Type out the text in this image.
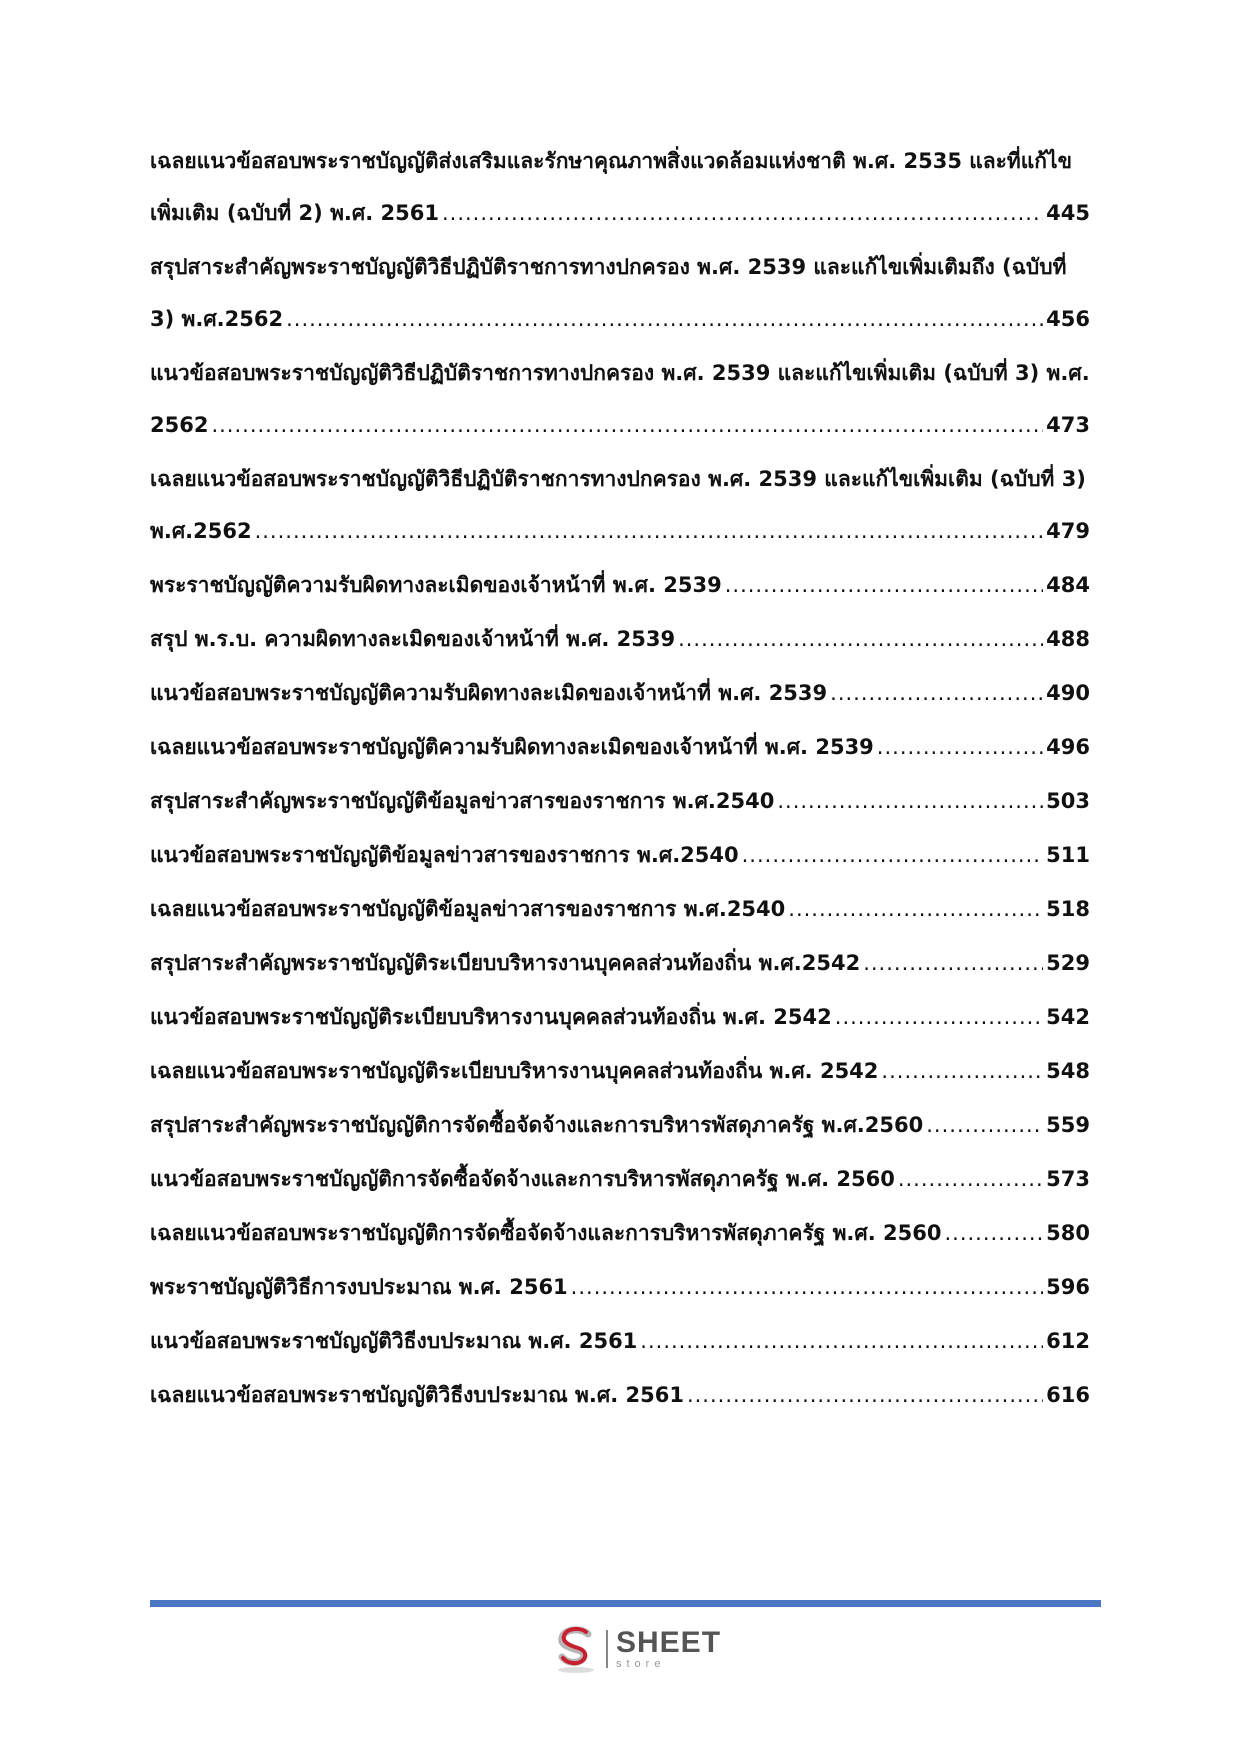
เฉลยแนวข้อสอบพระราชบัญญัติส่งเสริมและรักษาคุณภาพสิ่งแวดล้อมแห่งชาติ พ.ศ. 2535 และที่แก้ไข
เพิ่มเติม (ฉบับที่ 2) พ.ศ. 2561 .....	445
สรุปสาระสำคัญพระราชบัญญัติวิธีปฏิบัติราชการทางปกครอง พ.ศ. 2539 และแก้ไขเพิ่มเติมถึง (ฉบับที่
3) พ.ศ.2562 .....	456
แนวข้อสอบพระราชบัญญัติวิธีปฏิบัติราชการทางปกครอง พ.ศ. 2539 และแก้ไขเพิ่มเติม (ฉบับที่ 3) พ.ศ.
2562 .....	473
เฉลยแนวข้อสอบพระราชบัญญัติวิธีปฏิบัติราชการทางปกครอง พ.ศ. 2539 และแก้ไขเพิ่มเติม (ฉบับที่ 3)
พ.ศ.2562 .....	479
พระราชบัญญัติความรับผิดทางละเมิดของเจ้าหน้าที่ พ.ศ. 2539 .....	484
สรุป พ.ร.บ. ความผิดทางละเมิดของเจ้าหน้าที่ พ.ศ. 2539 .....	488
แนวข้อสอบพระราชบัญญัติความรับผิดทางละเมิดของเจ้าหน้าที่ พ.ศ. 2539 .....	490
เฉลยแนวข้อสอบพระราชบัญญัติความรับผิดทางละเมิดของเจ้าหน้าที่ พ.ศ. 2539 .....	496
สรุปสาระสำคัญพระราชบัญญัติข้อมูลข่าวสารของราชการ พ.ศ.2540 .....	503
แนวข้อสอบพระราชบัญญัติข้อมูลข่าวสารของราชการ พ.ศ.2540 .....	511
เฉลยแนวข้อสอบพระราชบัญญัติข้อมูลข่าวสารของราชการ พ.ศ.2540 .....	518
สรุปสาระสำคัญพระราชบัญญัติระเบียบบริหารงานบุคคลส่วนท้องถิ่น พ.ศ.2542 .....	529
แนวข้อสอบพระราชบัญญัติระเบียบบริหารงานบุคคลส่วนท้องถิ่น พ.ศ. 2542 .....	542
เฉลยแนวข้อสอบพระราชบัญญัติระเบียบบริหารงานบุคคลส่วนท้องถิ่น พ.ศ. 2542 .....	548
สรุปสาระสำคัญพระราชบัญญัติการจัดซื้อจัดจ้างและการบริหารพัสดุภาครัฐ พ.ศ.2560 .....	559
แนวข้อสอบพระราชบัญญัติการจัดซื้อจัดจ้างและการบริหารพัสดุภาครัฐ พ.ศ. 2560 .....	573
เฉลยแนวข้อสอบพระราชบัญญัติการจัดซื้อจัดจ้างและการบริหารพัสดุภาครัฐ พ.ศ. 2560 .....	580
พระราชบัญญัติวิธีการงบประมาณ พ.ศ. 2561 .....	596
แนวข้อสอบพระราชบัญญัติวิธีงบประมาณ พ.ศ. 2561 .....	612
เฉลยแนวข้อสอบพระราชบัญญัติวิธีงบประมาณ พ.ศ. 2561 .....	616
SHEET
store
